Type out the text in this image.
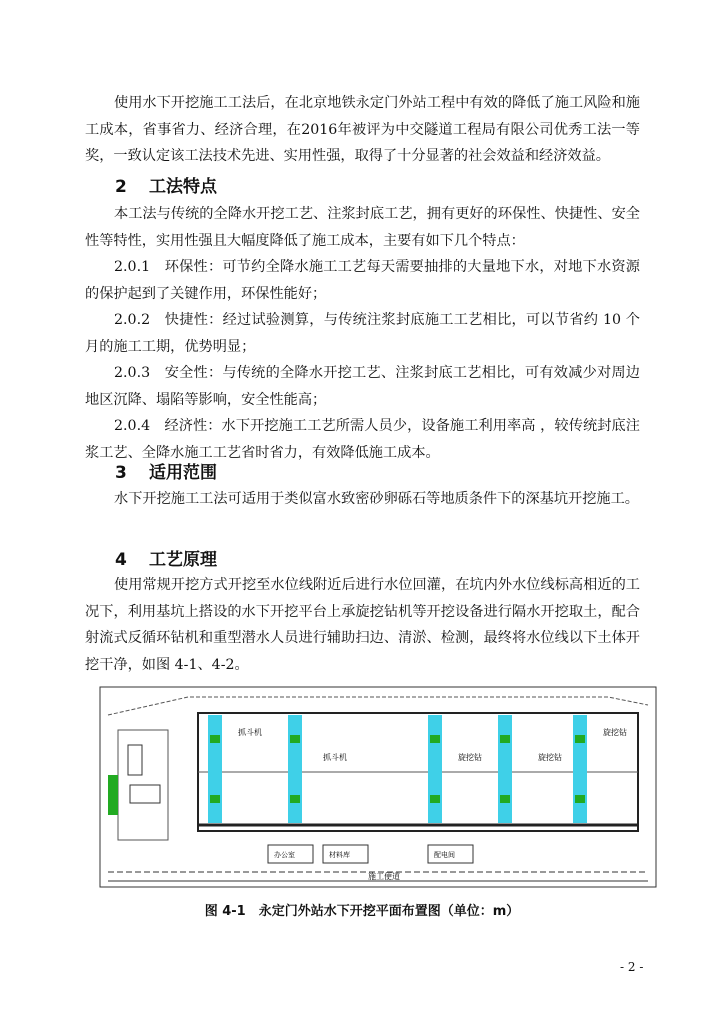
使用水下开挖施工工法后，在北京地铁永定门外站工程中有效的降低了施工风险和施工成本，省事省力、经济合理，在2016年被评为中交隧道工程局有限公司优秀工法一等奖，一致认定该工法技术先进、实用性强，取得了十分显著的社会效益和经济效益。

2 工法特点

本工法与传统的全降水开挖工艺、注浆封底工艺，拥有更好的环保性、快捷性、安全性等特性，实用性强且大幅度降低了施工成本，主要有如下几个特点：

2.0.1　环保性：可节约全降水施工工艺每天需要抽排的大量地下水，对地下水资源的保护起到了关键作用，环保性能好；

2.0.2　快捷性：经过试验测算，与传统注浆封底施工工艺相比，可以节省约 10 个月的施工工期，优势明显；

2.0.3　安全性：与传统的全降水开挖工艺、注浆封底工艺相比，可有效减少对周边地区沉降、塌陷等影响，安全性能高；

2.0.4　经济性：水下开挖施工工艺所需人员少，设备施工利用率高 ，较传统封底注浆工艺、全降水施工工艺省时省力，有效降低施工成本。

3 适用范围

水下开挖施工工法可适用于类似富水致密砂卵砾石等地质条件下的深基坑开挖施工。

4 工艺原理

使用常规开挖方式开挖至水位线附近后进行水位回灌，在坑内外水位线标高相近的工况下，利用基坑上搭设的水下开挖平台上承旋挖钻机等开挖设备进行隔水开挖取土，配合射流式反循环钻机和重型潜水人员进行辅助扫边、清淤、检测，最终将水位线以下土体开挖干净，如图 4-1、4-2。

抓斗机
抓斗机	旋挖钻	旋挖钻
旋挖钻
办公室	材料库	配电间
施工便道
图 4-1　永定门外站水下开挖平面布置图（单位：m）
- 2 -
